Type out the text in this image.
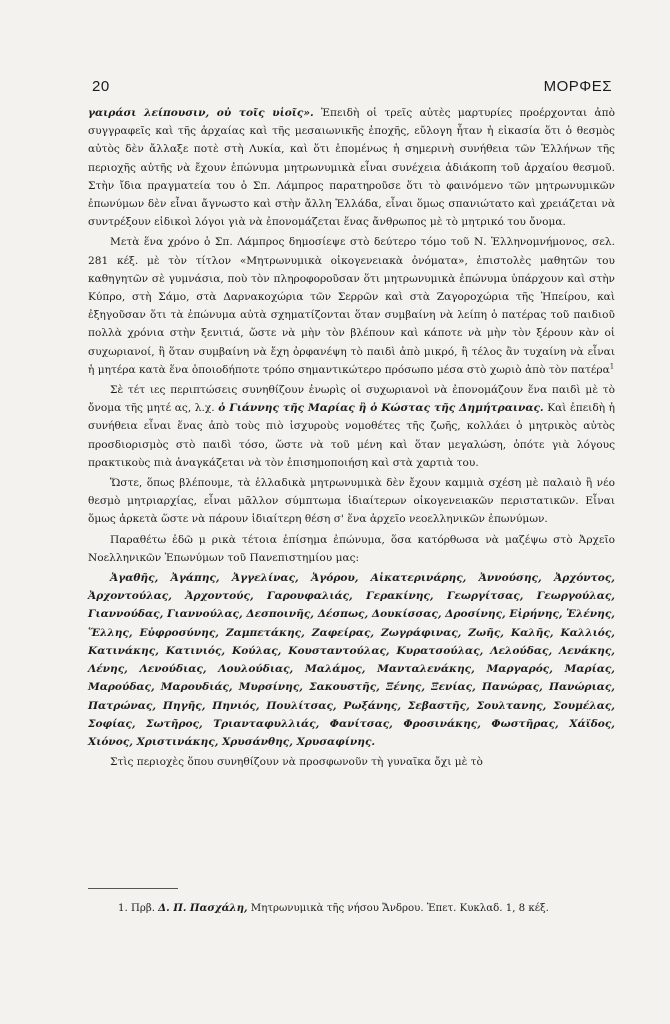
20	ΜΟΡΦΕΣ

γαιράσι λείπουσιν, οὐ τοῖς υἱοῖς». Ἐπειδὴ οἱ τρεῖς αὐτὲς μαρτυρίες προέρχονται ἀπὸ συγγραφεῖς καὶ τῆς ἀρχαίας καὶ τῆς μεσαιωνικῆς ἐποχῆς, εὔλογη ἦταν ἡ εἰκασία ὅτι ὁ θεσμὸς αὐτὸς δὲν ἄλλαξε ποτὲ στὴ Λυκία, καὶ ὅτι ἑπομένως ἡ σημερινὴ συνήθεια τῶν Ἑλλήνων τῆς περιοχῆς αὐτῆς νὰ ἔχουν ἐπώνυμα μητρωνυμικὰ εἶναι συνέχεια ἀδιάκοπη τοῦ ἀρχαίου θεσμοῦ. Στὴν ἴδια πραγματεία του ὁ Σπ. Λάμπρος παρατηροῦσε ὅτι τὸ φαινόμενο τῶν μητρωνυμικῶν ἐπωνύμων δὲν εἶναι ἄγνωστο καὶ στὴν ἄλλη Ἑλλάδα, εἶναι ὅμως σπανιώτατο καὶ χρειάζεται νὰ συντρέξουν εἰδικοὶ λόγοι γιὰ νὰ ἐπονομάζεται ἕνας ἄνθρωπος μὲ τὸ μητρικό του ὄνομα.

Μετὰ ἕνα χρόνο ὁ Σπ. Λάμπρος δημοσίεψε στὸ δεύτερο τόμο τοῦ Ν. Ἑλληνομνήμονος, σελ. 281 κέξ. μὲ τὸν τίτλον «Μητρωνυμικὰ οἰκογενειακὰ ὀνόματα», ἐπιστολὲς μαθητῶν του καθηγητῶν σὲ γυμνάσια, ποὺ τὸν πληροφοροῦσαν ὅτι μητρωνυμικὰ ἐπώνυμα ὑπάρχουν καὶ στὴν Κύπρο, στὴ Σάμο, στὰ Δαρνακοχώρια τῶν Σερρῶν καὶ στὰ Ζαγοροχώρια τῆς Ἠπείρου, καὶ ἐξηγοῦσαν ὅτι τὰ ἐπώνυμα αὐτὰ σχηματίζονται ὅταν συμβαίνη νὰ λείπη ὁ πατέρας τοῦ παιδιοῦ πολλὰ χρόνια στὴν ξενιτιά, ὥστε νὰ μὴν τὸν βλέπουν καὶ κάποτε νὰ μὴν τὸν ξέρουν κὰν οἱ συχωριανοί, ἢ ὅταν συμβαίνη νὰ ἔχη ὀρφανέψη τὸ παιδὶ ἀπὸ μικρό, ἢ τέλος ἂν τυχαίνη νὰ εἶναι ἡ μητέρα κατὰ ἕνα ὁποιοδήποτε τρόπο σημαντικώτερο πρόσωπο μέσα στὸ χωριὸ ἀπὸ τὸν πατέρα$^1$

Σὲ τέτ ιες περιπτώσεις συνηθίζουν ἐνωρὶς οἱ συχωριανοὶ νὰ ἐπονομάζουν ἕνα παιδὶ μὲ τὸ ὄνομα τῆς μητέ ας, λ.χ. ὁ Γιάννης τῆς Μαρίας ἢ ὁ Κώστας τῆς Δημήτραινας. Καὶ ἐπειδὴ ἡ συνήθεια εἶναι ἕνας ἀπὸ τοὺς πιὸ ἰσχυροὺς νομοθέτες τῆς ζωῆς, κολλάει ὁ μητρικὸς αὐτὸς προσδιορισμὸς στὸ παιδὶ τόσο, ὥστε νὰ τοῦ μένη καὶ ὅταν μεγαλώση, ὁπότε γιὰ λόγους πρακτικοὺς πιὰ ἀναγκάζεται νὰ τὸν ἐπισημοποιήση καὶ στὰ χαρτιὰ του.

Ὥστε, ὅπως βλέπουμε, τὰ ἑλλαδικὰ μητρωνυμικὰ δὲν ἔχουν καμμιὰ σχέση μὲ παλαιὸ ἢ νέο θεσμὸ μητριαρχίας, εἶναι μᾶλλον σύμπτωμα ἰδιαίτερων οἰκογενειακῶν περιστατικῶν. Εἶναι ὅμως ἀρκετὰ ὥστε νὰ πάρουν ἰδιαίτερη θέση σ' ἕνα ἀρχεῖο νεοελληνικῶν ἐπωνύμων.

Παραθέτω ἐδῶ μ ρικὰ τέτοια ἐπίσημα ἐπώνυμα, ὅσα κατόρθωσα νὰ μαζέψω στὸ Ἀρχεῖο Νοελληνικῶν Ἐπωνύμων τοῦ Πανεπιστημίου μας:

Ἀγαθῆς, Ἀγάπης, Ἀγγελίνας, Ἀγόρου, Αἰκατερινάρης, Ἀννούσης, Ἀρχόντος, Ἀρχοντούλας, Ἀρχοντούς, Γαρουφαλιάς, Γερακίνης, Γεωργίτσας, Γεωργούλας, Γιαννούδας, Γιαννούλας, Δεσποινῆς, Δέσπως, Δουκίσσας, Δροσίνης, Εἰρήνης, Ἑλένης, Ἕλλης, Εὐφροσύνης, Ζαμπετάκης, Ζαφείρας, Ζωγράφινας, Ζωῆς, Καλῆς, Καλλιός, Κατινάκης, Κατινιός, Κούλας, Κουσταντούλας, Κυρατσούλας, Λελούδας, Λενάκης, Λένης, Λενούδιας, Λουλούδιας, Μαλάμος, Μανταλενάκης, Μαργαρός, Μαρίας, Μαρούδας, Μαρουδιάς, Μυρσίνης, Σακουστῆς, Ξένης, Ξενίας, Πανώρας, Πανώριας, Πατρώνας, Πηγῆς, Πηνιός, Πουλίτσας, Ρωξάνης, Σεβαστῆς, Σουλτανης, Σουμέλας, Σοφίας, Σωτῆρος, Τριανταφυλλιάς, Φανίτσας, Φροσινάκης, Φωστῆρας, Χάϊδος, Χιόνος, Χριστινάκης, Χρυσάνθης, Χρυσαφίνης.

Στὶς περιοχὲς ὅπου συνηθίζουν νὰ προσφωνοῦν τὴ γυναῖκα ὄχι μὲ τὸ

1. Πρβ. Δ. Π. Πασχάλη, Μητρωνυμικὰ τῆς νήσου Ἄνδρου. Ἐπετ. Κυκλαδ. 1, 8 κέξ.
